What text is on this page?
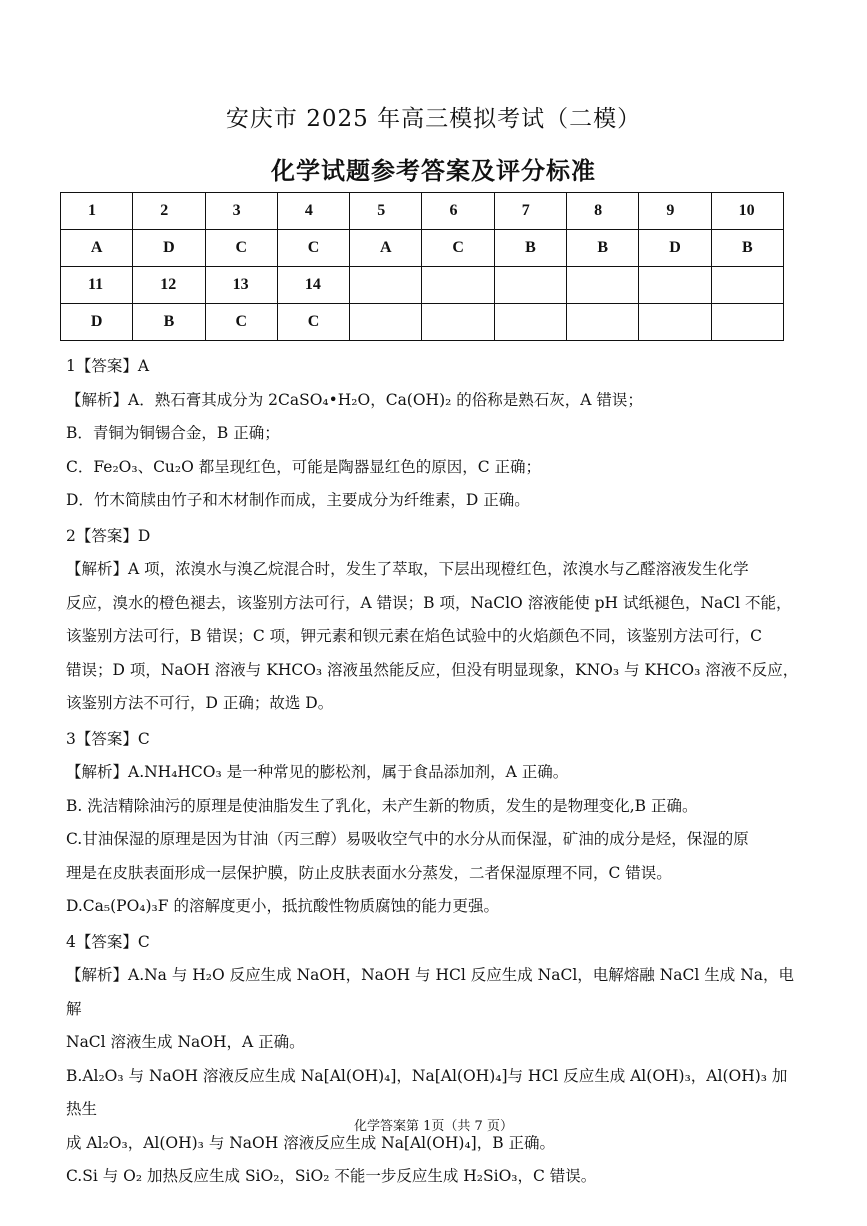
安庆市 2025 年高三模拟考试（二模）
化学试题参考答案及评分标准
1	2	3	4	5	6	7	8	9	10
A	D	C	C	A	C	B	B	D	B
11	12	13	14						
D	B	C	C						

1【答案】A

【解析】A．熟石膏其成分为 2CaSO₄•H₂O，Ca(OH)₂ 的俗称是熟石灰，A 错误；

B．青铜为铜锡合金，B 正确；

C．Fe₂O₃、Cu₂O 都呈现红色，可能是陶器显红色的原因，C 正确；

D．竹木简牍由竹子和木材制作而成，主要成分为纤维素，D 正确。

2【答案】D

【解析】A 项，浓溴水与溴乙烷混合时，发生了萃取，下层出现橙红色，浓溴水与乙醛溶液发生化学

反应，溴水的橙色褪去，该鉴别方法可行，A 错误；B 项，NaClO 溶液能使 pH 试纸褪色，NaCl 不能，

该鉴别方法可行，B 错误；C 项，钾元素和钡元素在焰色试验中的火焰颜色不同，该鉴别方法可行，C

错误；D 项，NaOH 溶液与 KHCO₃ 溶液虽然能反应，但没有明显现象，KNO₃ 与 KHCO₃ 溶液不反应，

该鉴别方法不可行，D 正确；故选 D。

3【答案】C

【解析】A.NH₄HCO₃ 是一种常见的膨松剂，属于食品添加剂，A 正确。

B. 洗洁精除油污的原理是使油脂发生了乳化，未产生新的物质，发生的是物理变化,B 正确。

C.甘油保湿的原理是因为甘油（丙三醇）易吸收空气中的水分从而保湿，矿油的成分是烃，保湿的原

理是在皮肤表面形成一层保护膜，防止皮肤表面水分蒸发，二者保湿原理不同，C 错误。

D.Ca₅(PO₄)₃F 的溶解度更小，抵抗酸性物质腐蚀的能力更强。

4【答案】C

【解析】A.Na 与 H₂O 反应生成 NaOH，NaOH 与 HCl 反应生成 NaCl，电解熔融 NaCl 生成 Na，电解

NaCl 溶液生成 NaOH，A 正确。

B.Al₂O₃ 与 NaOH 溶液反应生成 Na[Al(OH)₄]，Na[Al(OH)₄]与 HCl 反应生成 Al(OH)₃，Al(OH)₃ 加热生

成 Al₂O₃，Al(OH)₃ 与 NaOH 溶液反应生成 Na[Al(OH)₄]，B 正确。

C.Si 与 O₂ 加热反应生成 SiO₂，SiO₂ 不能一步反应生成 H₂SiO₃，C 错误。

化学答案第 1页（共 7 页）
